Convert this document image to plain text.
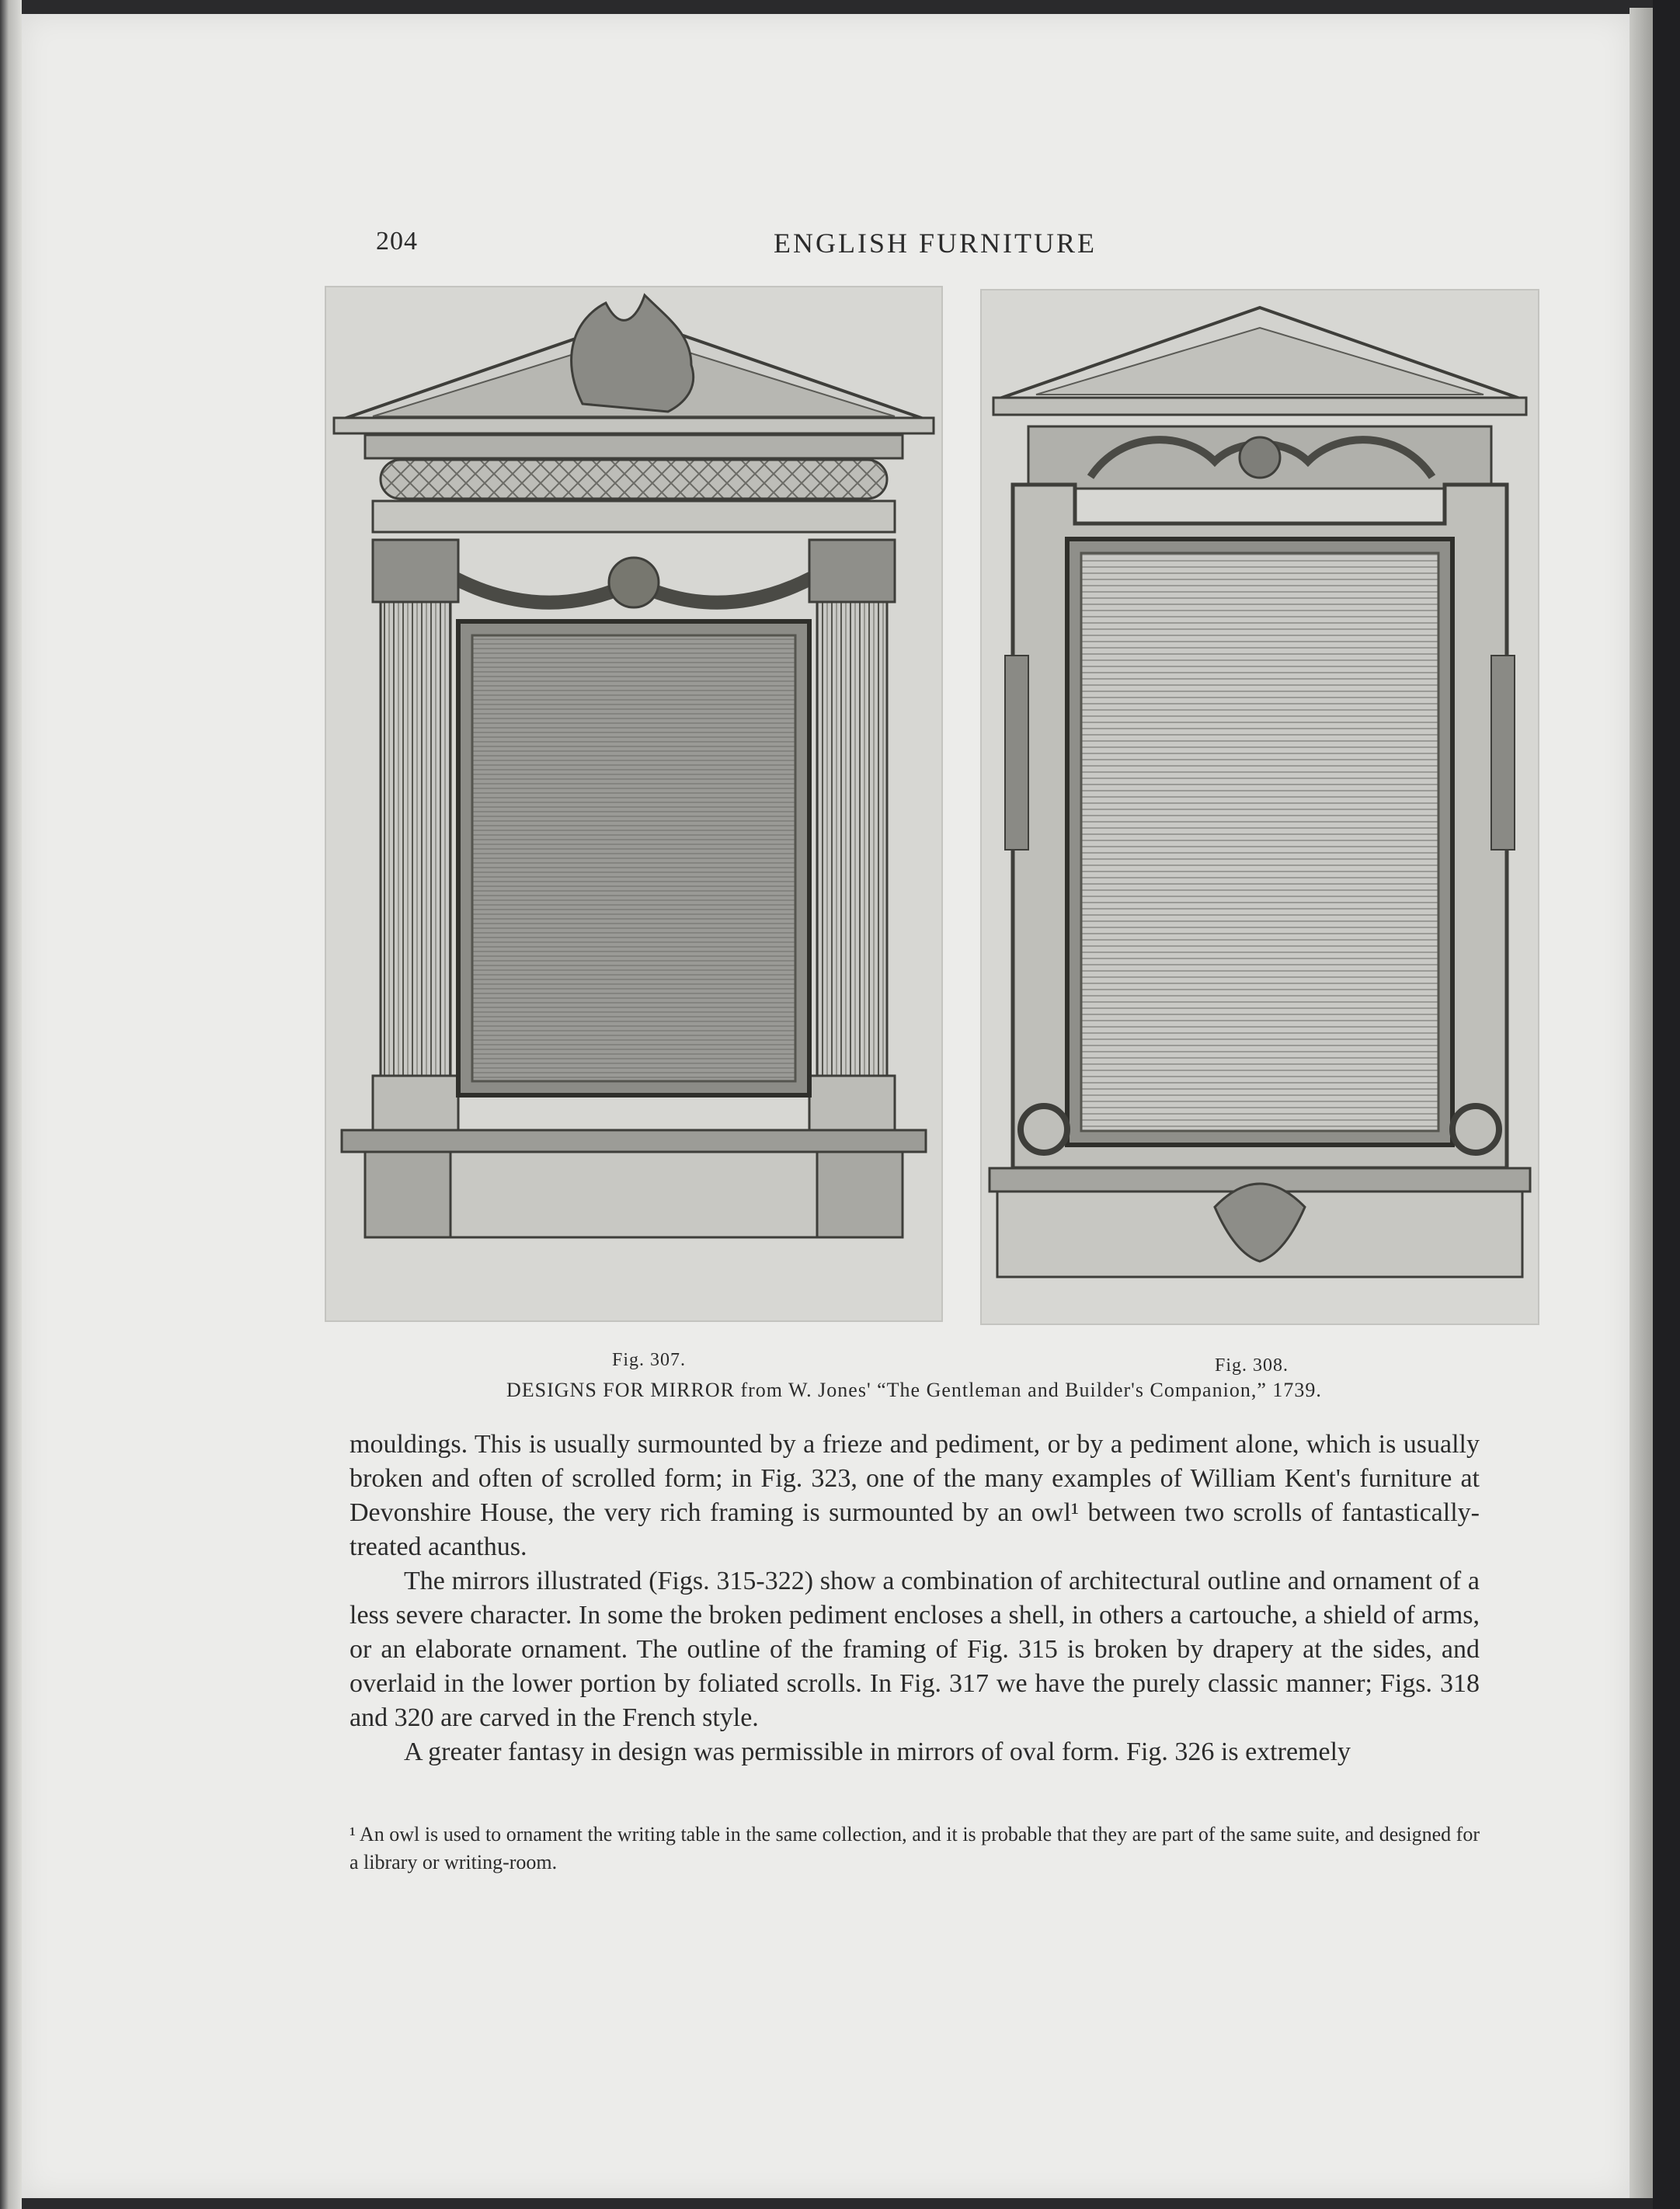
204	ENGLISH FURNITURE
Fig. 307.	Fig. 308.
DESIGNS FOR MIRROR from W. Jones' “The Gentleman and Builder's Companion,” 1739.

mouldings. This is usually surmounted by a frieze and pediment, or by a pediment alone, which is usually broken and often of scrolled form; in Fig. 323, one of the many examples of William Kent's furniture at Devonshire House, the very rich framing is surmounted by an owl¹ between two scrolls of fantastically-treated acanthus.

The mirrors illustrated (Figs. 315-322) show a combination of architectural outline and ornament of a less severe character. In some the broken pediment encloses a shell, in others a cartouche, a shield of arms, or an elaborate ornament. The outline of the framing of Fig. 315 is broken by drapery at the sides, and overlaid in the lower portion by foliated scrolls. In Fig. 317 we have the purely classic manner; Figs. 318 and 320 are carved in the French style.

A greater fantasy in design was permissible in mirrors of oval form. Fig. 326 is extremely

¹ An owl is used to ornament the writing table in the same collection, and it is probable that they are part of the same suite, and designed for a library or writing-room.
